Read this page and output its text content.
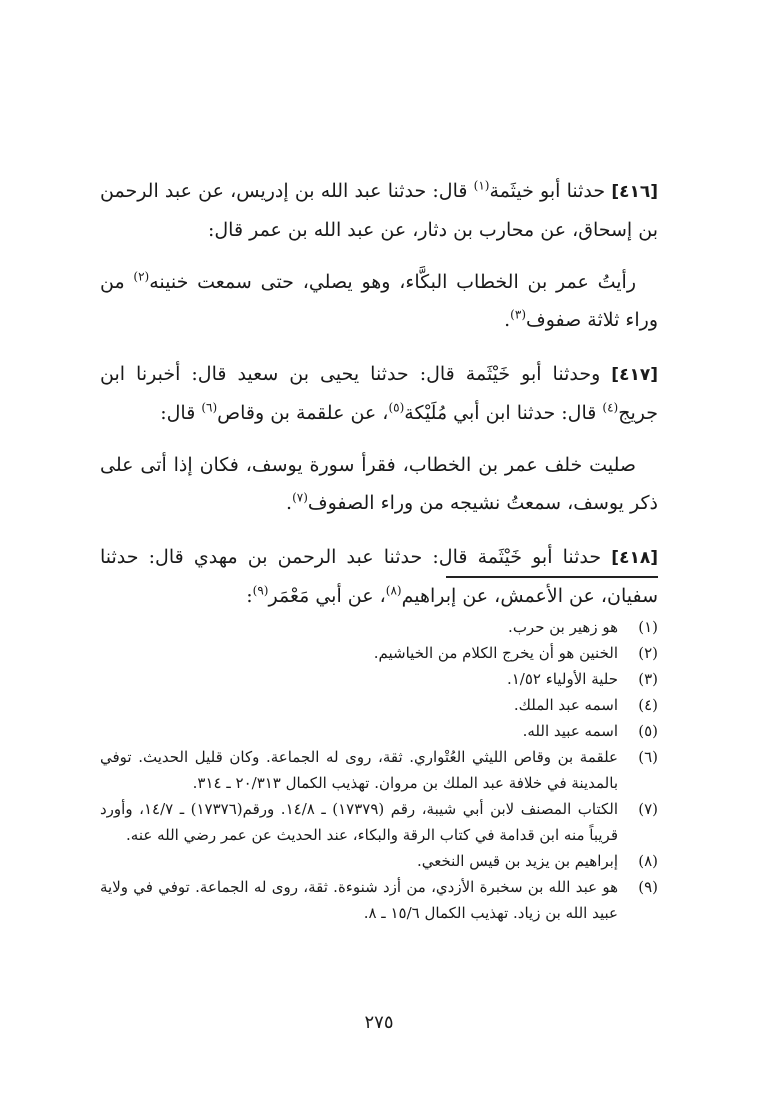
[٤١٦] حدثنا أبو خيثَمة$^{(١)}$ قال: حدثنا عبد الله بن إدريس، عن عبد الرحمن بن إسحاق، عن محارب بن دثار، عن عبد الله بن عمر قال:

رأيتُ عمر بن الخطاب البكَّاء، وهو يصلي، حتى سمعت خنينه$^{(٢)}$ من وراء ثلاثة صفوف$^{(٣)}$.

[٤١٧] وحدثنا أبو خَيْثَمة قال: حدثنا يحيى بن سعيد قال: أخبرنا ابن جريج$^{(٤)}$ قال: حدثنا ابن أبي مُلَيْكة$^{(٥)}$، عن علقمة بن وقاص$^{(٦)}$ قال:

صليت خلف عمر بن الخطاب، فقرأ سورة يوسف، فكان إذا أتى على ذكر يوسف، سمعتُ نشيجه من وراء الصفوف$^{(٧)}$.

[٤١٨] حدثنا أبو خَيْثَمة قال: حدثنا عبد الرحمن بن مهدي قال: حدثنا سفيان، عن الأعمش، عن إبراهيم$^{(٨)}$، عن أبي مَعْمَر$^{(٩)}$:

(١)
هو زهير بن حرب.
(٢)
الخنين هو أن يخرج الكلام من الخياشيم.
(٣)
حلية الأولياء ١/٥٢.
(٤)
اسمه عبد الملك.
(٥)
اسمه عبيد الله.
(٦)
علقمة بن وقاص الليثي العُتْواري. ثقة، روى له الجماعة. وكان قليل الحديث. توفي بالمدينة في خلافة عبد الملك بن مروان. تهذيب الكمال ٢٠/٣١٣ ـ ٣١٤.
(٧)
الكتاب المصنف لابن أبي شيبة، رقم (١٧٣٧٩) ـ ١٤/٨. ورقم(١٧٣٧٦) ـ ١٤/٧، وأورد قريباً منه ابن قدامة في كتاب الرقة والبكاء، عند الحديث عن عمر رضي الله عنه.
(٨)
إبراهيم بن يزيد بن قيس النخعي.
(٩)
هو عبد الله بن سخبرة الأزدي، من أزد شنوءة. ثقة، روى له الجماعة. توفي في ولاية عبيد الله بن زياد. تهذيب الكمال ١٥/٦ ـ ٨.
٢٧٥
